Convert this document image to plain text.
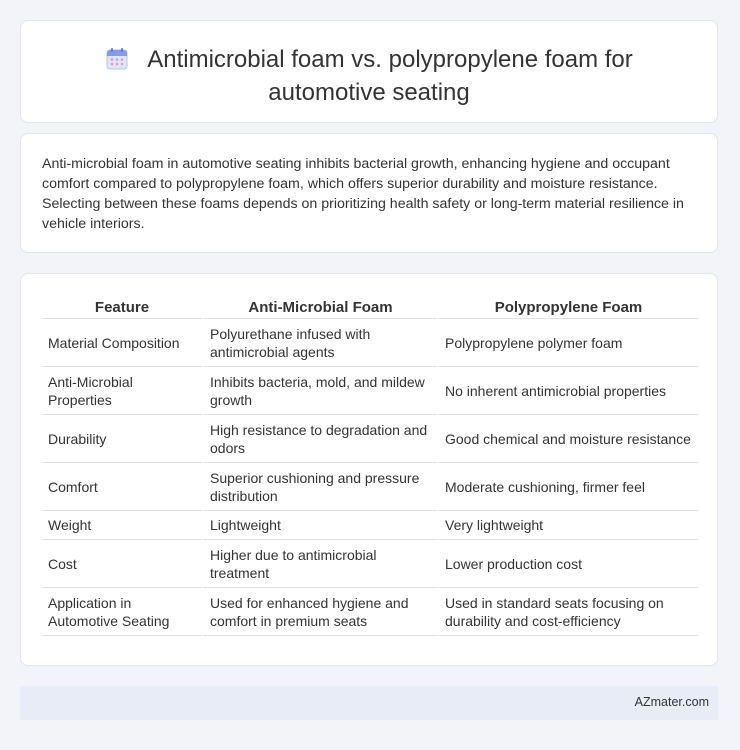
Antimicrobial foam vs. polypropylene foam for
automotive seating
Anti-microbial foam in automotive seating inhibits bacterial growth, enhancing hygiene and occupant comfort compared to polypropylene foam, which offers superior durability and moisture resistance. Selecting between these foams depends on prioritizing health safety or long-term material resilience in vehicle interiors.
Feature	Anti-Microbial Foam	Polypropylene Foam
Material Composition	Polyurethane infused with antimicrobial agents	Polypropylene polymer foam
Anti-Microbial Properties	Inhibits bacteria, mold, and mildew growth	No inherent antimicrobial properties
Durability	High resistance to degradation and odors	Good chemical and moisture resistance
Comfort	Superior cushioning and pressure distribution	Moderate cushioning, firmer feel
Weight	Lightweight	Very lightweight
Cost	Higher due to antimicrobial treatment	Lower production cost
Application in Automotive Seating	Used for enhanced hygiene and comfort in premium seats	Used in standard seats focusing on durability and cost-efficiency
AZmater.com
